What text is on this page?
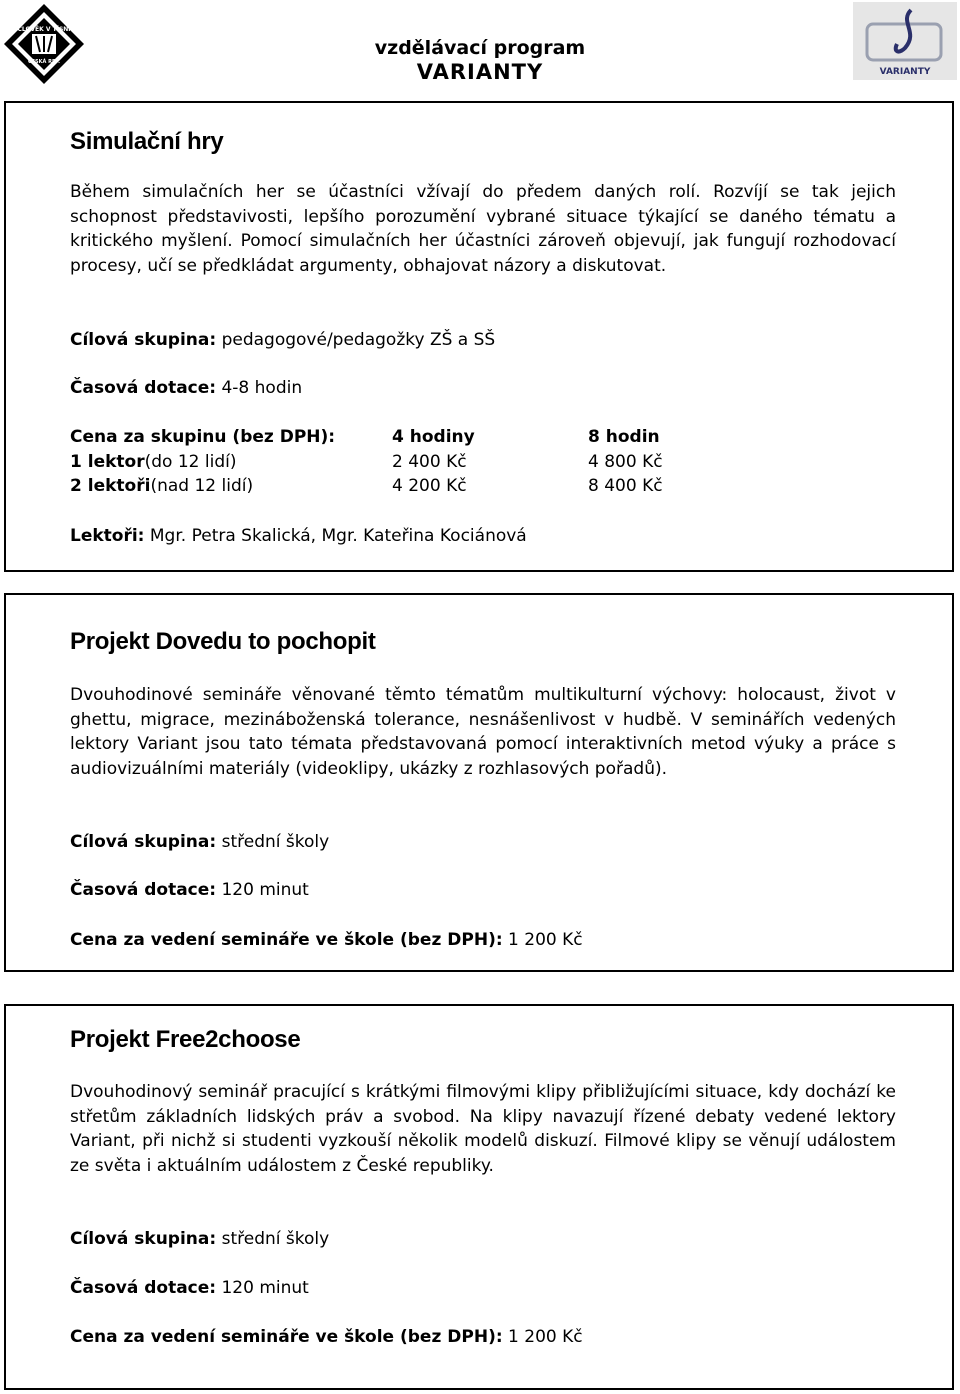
ČLOVĚK V TÍSNI
ČESKÁ REP.
vzdělávací program
VARIANTY	VARIANTY
Simulační hry
Během simulačních her se účastníci vžívají do předem daných rolí. Rozvíjí se tak jejich schopnost představivosti, lepšího porozumění vybrané situace týkající se daného tématu a kritického myšlení. Pomocí simulačních her účastníci zároveň objevují, jak fungují rozhodovací procesy, učí se předkládat argumenty, obhajovat názory a diskutovat.
Cílová skupina: pedagogové/pedagožky ZŠ a SŠ
Časová dotace: 4-8 hodin
Cena za skupinu (bez DPH):	4 hodiny	8 hodin
1 lektor (do 12 lidí)	2 400 Kč	4 800 Kč
2 lektoři (nad 12 lidí)	4 200 Kč	8 400 Kč
Lektoři: Mgr. Petra Skalická, Mgr. Kateřina Kociánová
Projekt Dovedu to pochopit
Dvouhodinové semináře věnované těmto tématům multikulturní výchovy: holocaust, život v ghettu, migrace, mezináboženská tolerance, nesnášenlivost v hudbě. V seminářích vedených lektory Variant jsou tato témata představovaná pomocí interaktivních metod výuky a práce s audiovizuálními materiály (videoklipy, ukázky z rozhlasových pořadů).
Cílová skupina: střední školy
Časová dotace: 120 minut
Cena za vedení semináře ve škole (bez DPH): 1 200 Kč
Projekt Free2choose
Dvouhodinový seminář pracující s krátkými filmovými klipy přibližujícími situace, kdy dochází ke střetům základních lidských práv a svobod. Na klipy navazují řízené debaty vedené lektory Variant, při nichž si studenti vyzkouší několik modelů diskuzí. Filmové klipy se věnují událostem ze světa i aktuálním událostem z České republiky.
Cílová skupina: střední školy
Časová dotace: 120 minut
Cena za vedení semináře ve škole (bez DPH): 1 200 Kč
